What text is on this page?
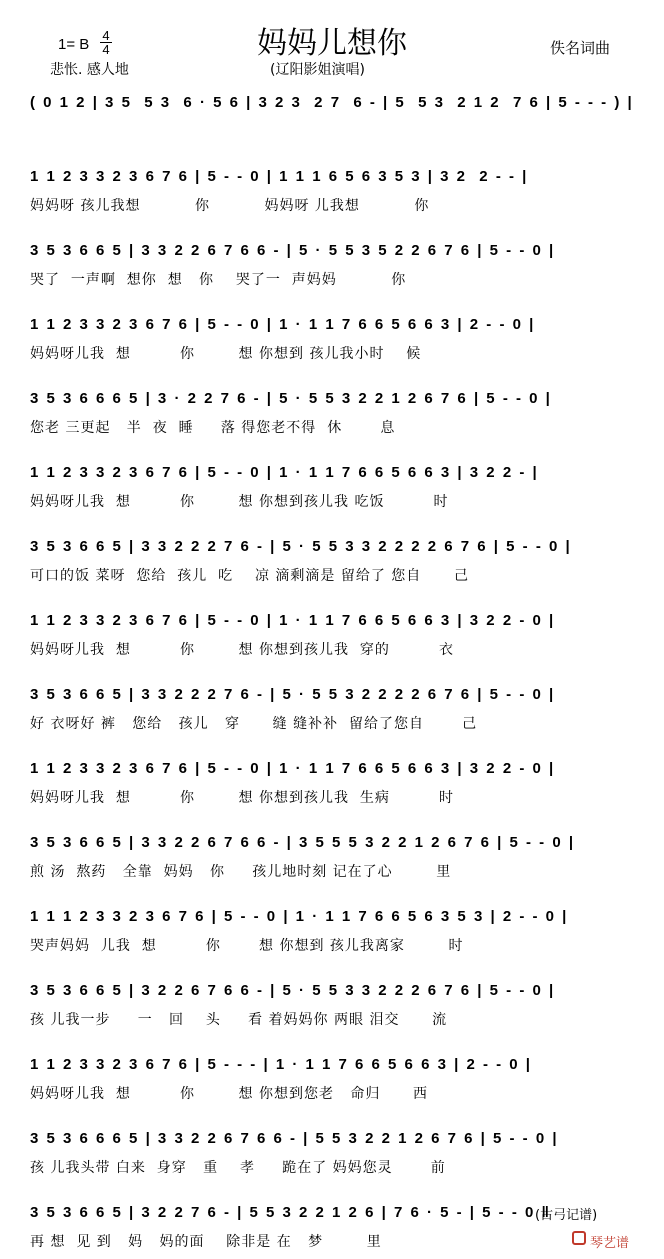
妈妈儿想你
1= B
4
4	佚名词曲
悲怅. 感人地	(辽阳影姐演唱)
( 0 1 2 | 3 5  5 3  6 · 5 6 | 3 2 3  2 7  6 - | 5  5 3  2 1 2  7 6 | 5 - - - ) |
1 1 2 3 3 2 3 6 7 6 | 5 - - 0 | 1 1 1 6 5 6 3 5 3 | 3 2  2 - - |
妈妈呀 孩儿我想          你          妈妈呀 儿我想          你
3 5 3 6 6 5 | 3 3 2 2 6 7 6 6 - | 5 · 5 5 3 5 2 2 6 7 6 | 5 - - 0 |
哭了  一声啊  想你  想   你    哭了一  声妈妈          你
1 1 2 3 3 2 3 6 7 6 | 5 - - 0 | 1 · 1 1 7 6 6 5 6 6 3 | 2 - - 0 |
妈妈呀儿我  想         你        想 你想到 孩儿我小时    候
3 5 3 6 6 6 5 | 3 · 2 2 7 6 - | 5 · 5 5 3 2 2 1 2 6 7 6 | 5 - - 0 |
您老 三更起   半  夜  睡     落 得您老不得  休       息
1 1 2 3 3 2 3 6 7 6 | 5 - - 0 | 1 · 1 1 7 6 6 5 6 6 3 | 3 2 2 - |
妈妈呀儿我  想         你        想 你想到孩儿我 吃饭         时
3 5 3 6 6 5 | 3 3 2 2 2 7 6 - | 5 · 5 5 3 3 2 2 2 2 6 7 6 | 5 - - 0 |
可口的饭 菜呀  您给  孩儿  吃    凉 滴剩滴是 留给了 您自      己
1 1 2 3 3 2 3 6 7 6 | 5 - - 0 | 1 · 1 1 7 6 6 5 6 6 3 | 3 2 2 - 0 |
妈妈呀儿我  想         你        想 你想到孩儿我  穿的         衣
3 5 3 6 6 5 | 3 3 2 2 2 7 6 - | 5 · 5 5 3 2 2 2 2 6 7 6 | 5 - - 0 |
好 衣呀好 裤   您给   孩儿   穿      缝 缝补补  留给了您自       己
1 1 2 3 3 2 3 6 7 6 | 5 - - 0 | 1 · 1 1 7 6 6 5 6 6 3 | 3 2 2 - 0 |
妈妈呀儿我  想         你        想 你想到孩儿我  生病         时
3 5 3 6 6 5 | 3 3 2 2 6 7 6 6 - | 3 5 5 5 3 2 2 1 2 6 7 6 | 5 - - 0 |
煎 汤  熬药   全靠  妈妈   你     孩儿地时刻 记在了心        里
1 1 1 2 3 3 2 3 6 7 6 | 5 - - 0 | 1 · 1 1 7 6 6 5 6 3 5 3 | 2 - - 0 |
哭声妈妈  儿我  想         你       想 你想到 孩儿我离家        时
3 5 3 6 6 5 | 3 2 2 6 7 6 6 - | 5 · 5 5 3 3 2 2 2 6 7 6 | 5 - - 0 |
孩 儿我一步     一   回    头     看 着妈妈你 两眼 泪交      流
1 1 2 3 3 2 3 6 7 6 | 5 - - - | 1 · 1 1 7 6 6 5 6 6 3 | 2 - - 0 |
妈妈呀儿我  想         你        想 你想到您老   命归      西
3 5 3 6 6 6 5 | 3 3 2 2 6 7 6 6 - | 5 5 3 2 2 1 2 6 7 6 | 5 - - 0 |
孩 儿我头带 白来  身穿   重    孝     跪在了 妈妈您灵       前
3 5 3 6 6 5 | 3 2 2 7 6 - | 5 5 3 2 2 1 2 6 | 7 6 · 5 - | 5 - - 0 ‖
再 想  见 到   妈   妈的面    除非是 在   梦        里
(古弓记谱)
琴艺谱
